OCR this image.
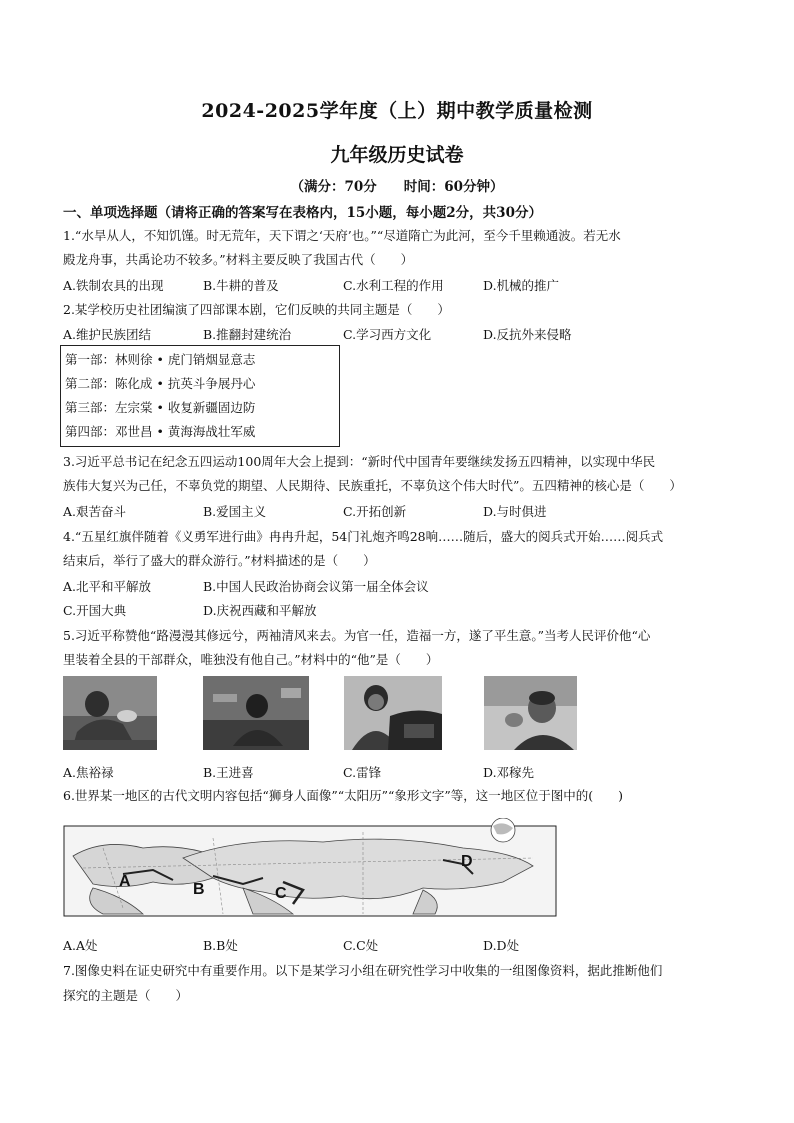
2024-2025学年度（上）期中教学质量检测
九年级历史试卷
（满分：70分　　时间：60分钟）
一、单项选择题（请将正确的答案写在表格内，15小题，每小题2分，共30分）
1.“水旱从人，不知饥馑。时无荒年，天下谓之‘天府’也。”“尽道隋亡为此河，至今千里赖通波。若无水
殿龙舟事，共禹论功不较多。”材料主要反映了我国古代（　　）
A.铁制农具的出现	B.牛耕的普及	C.水利工程的作用	D.机械的推广
2.某学校历史社团编演了四部课本剧，它们反映的共同主题是（　　）
A.维护民族团结	B.推翻封建统治	C.学习西方文化	D.反抗外来侵略
第一部：林则徐 • 虎门销烟显意志
第二部：陈化成 • 抗英斗争展丹心
第三部：左宗棠 • 收复新疆固边防
第四部：邓世昌 • 黄海海战壮军威
3.习近平总书记在纪念五四运动100周年大会上提到：“新时代中国青年要继续发扬五四精神，以实现中华民
族伟大复兴为己任，不辜负党的期望、人民期待、民族重托，不辜负这个伟大时代”。五四精神的核心是（　　）
A.艰苦奋斗	B.爱国主义	C.开拓创新	D.与时俱进
4.“五星红旗伴随着《义勇军进行曲》冉冉升起，54门礼炮齐鸣28响……随后，盛大的阅兵式开始……阅兵式
结束后，举行了盛大的群众游行。”材料描述的是（　　）
A.北平和平解放	B.中国人民政治协商会议第一届全体会议
C.开国大典	D.庆祝西藏和平解放
5.习近平称赞他“路漫漫其修远兮，两袖清风来去。为官一任，造福一方，遂了平生意。”当考人民评价他“心
里装着全县的干部群众，唯独没有他自己。”材料中的“他”是（　　）
A.焦裕禄	B.王进喜	C.雷锋	D.邓稼先
6.世界某一地区的古代文明内容包括“狮身人面像”“太阳历”“象形文字”等，这一地区位于图中的(　　)
A	B	C
D
A.A处	B.B处	C.C处	D.D处
7.图像史料在证史研究中有重要作用。以下是某学习小组在研究性学习中收集的一组图像资料，据此推断他们
探究的主题是（　　）
